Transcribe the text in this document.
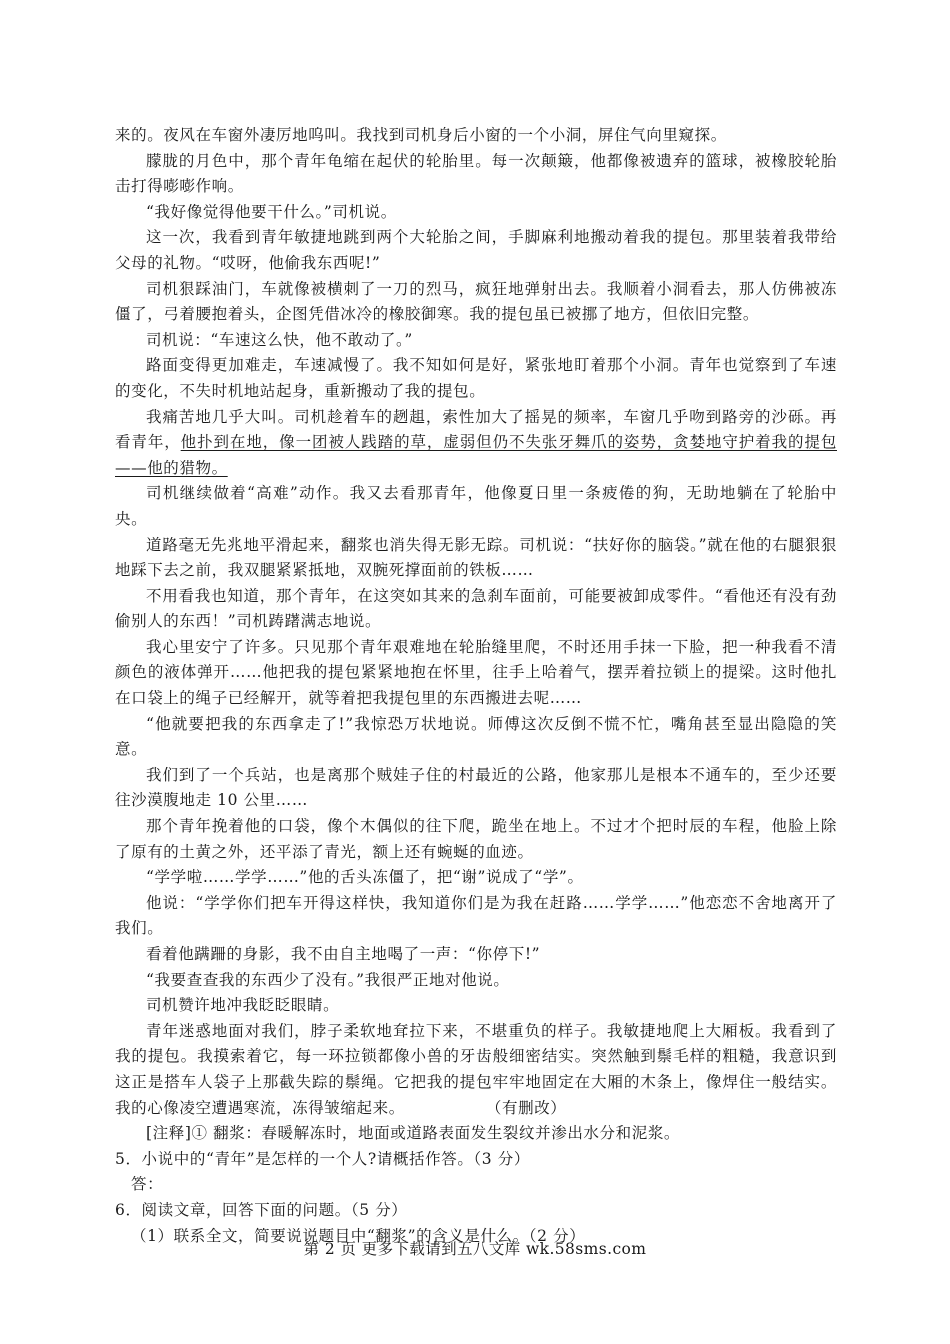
来的。夜风在车窗外凄厉地呜叫。我找到司机身后小窗的一个小洞，屏住气向里窥探。

朦胧的月色中，那个青年龟缩在起伏的轮胎里。每一次颠簸，他都像被遗弃的篮球，被橡胶轮胎击打得嘭嘭作响。

“我好像觉得他要干什么。”司机说。

这一次，我看到青年敏捷地跳到两个大轮胎之间，手脚麻利地搬动着我的提包。那里装着我带给父母的礼物。“哎呀，他偷我东西呢!”

司机狠踩油门，车就像被横刺了一刀的烈马，疯狂地弹射出去。我顺着小洞看去，那人仿佛被冻僵了，弓着腰抱着头，企图凭借冰冷的橡胶御寒。我的提包虽已被挪了地方，但依旧完整。

司机说：“车速这么快，他不敢动了。”

路面变得更加难走，车速减慢了。我不知如何是好，紧张地盯着那个小洞。青年也觉察到了车速的变化，不失时机地站起身，重新搬动了我的提包。

我痛苦地几乎大叫。司机趁着车的趔趄，索性加大了摇晃的频率，车窗几乎吻到路旁的沙砾。再看青年，他扑到在地，像一团被人践踏的草，虚弱但仍不失张牙舞爪的姿势，贪婪地守护着我的提包——他的猎物。

司机继续做着“高难”动作。我又去看那青年，他像夏日里一条疲倦的狗，无助地躺在了轮胎中央。

道路毫无先兆地平滑起来，翻浆也消失得无影无踪。司机说：“扶好你的脑袋。”就在他的右腿狠狠地踩下去之前，我双腿紧紧抵地，双腕死撑面前的铁板……

不用看我也知道，那个青年，在这突如其来的急刹车面前，可能要被卸成零件。“看他还有没有劲偷别人的东西！”司机踌躇满志地说。

我心里安宁了许多。只见那个青年艰难地在轮胎缝里爬，不时还用手抹一下脸，把一种我看不清颜色的液体弹开……他把我的提包紧紧地抱在怀里，往手上哈着气，摆弄着拉锁上的提梁。这时他扎在口袋上的绳子已经解开，就等着把我提包里的东西搬进去呢……

“他就要把我的东西拿走了!”我惊恐万状地说。师傅这次反倒不慌不忙，嘴角甚至显出隐隐的笑意。

我们到了一个兵站，也是离那个贼娃子住的村最近的公路，他家那儿是根本不通车的，至少还要往沙漠腹地走 10 公里……

那个青年挽着他的口袋，像个木偶似的往下爬，跪坐在地上。不过才个把时辰的车程，他脸上除了原有的土黄之外，还平添了青光，额上还有蜿蜒的血迹。

“学学啦……学学……”他的舌头冻僵了，把“谢”说成了“学”。

他说：“学学你们把车开得这样快，我知道你们是为我在赶路……学学……”他恋恋不舍地离开了我们。

看着他蹒跚的身影，我不由自主地喝了一声：“你停下!”

“我要查查我的东西少了没有。”我很严正地对他说。

司机赞许地冲我眨眨眼睛。

青年迷惑地面对我们，脖子柔软地耷拉下来，不堪重负的样子。我敏捷地爬上大厢板。我看到了我的提包。我摸索着它，每一环拉锁都像小兽的牙齿般细密结实。突然触到鬃毛样的粗糙，我意识到这正是搭车人袋子上那截失踪的鬃绳。它把我的提包牢牢地固定在大厢的木条上，像焊住一般结实。我的心像凌空遭遇寒流，冻得皱缩起来。　　　　　　（有删改）

[注释]① 翻浆：春暖解冻时，地面或道路表面发生裂纹并渗出水分和泥浆。

5．小说中的“青年”是怎样的一个人?请概括作答。（3 分）

答：

6．阅读文章，回答下面的问题。（5 分）

（1）联系全文，简要说说题目中“翻浆”的含义是什么。（2 分）

第 2 页 更多下载请到五八文库 wk.58sms.com
